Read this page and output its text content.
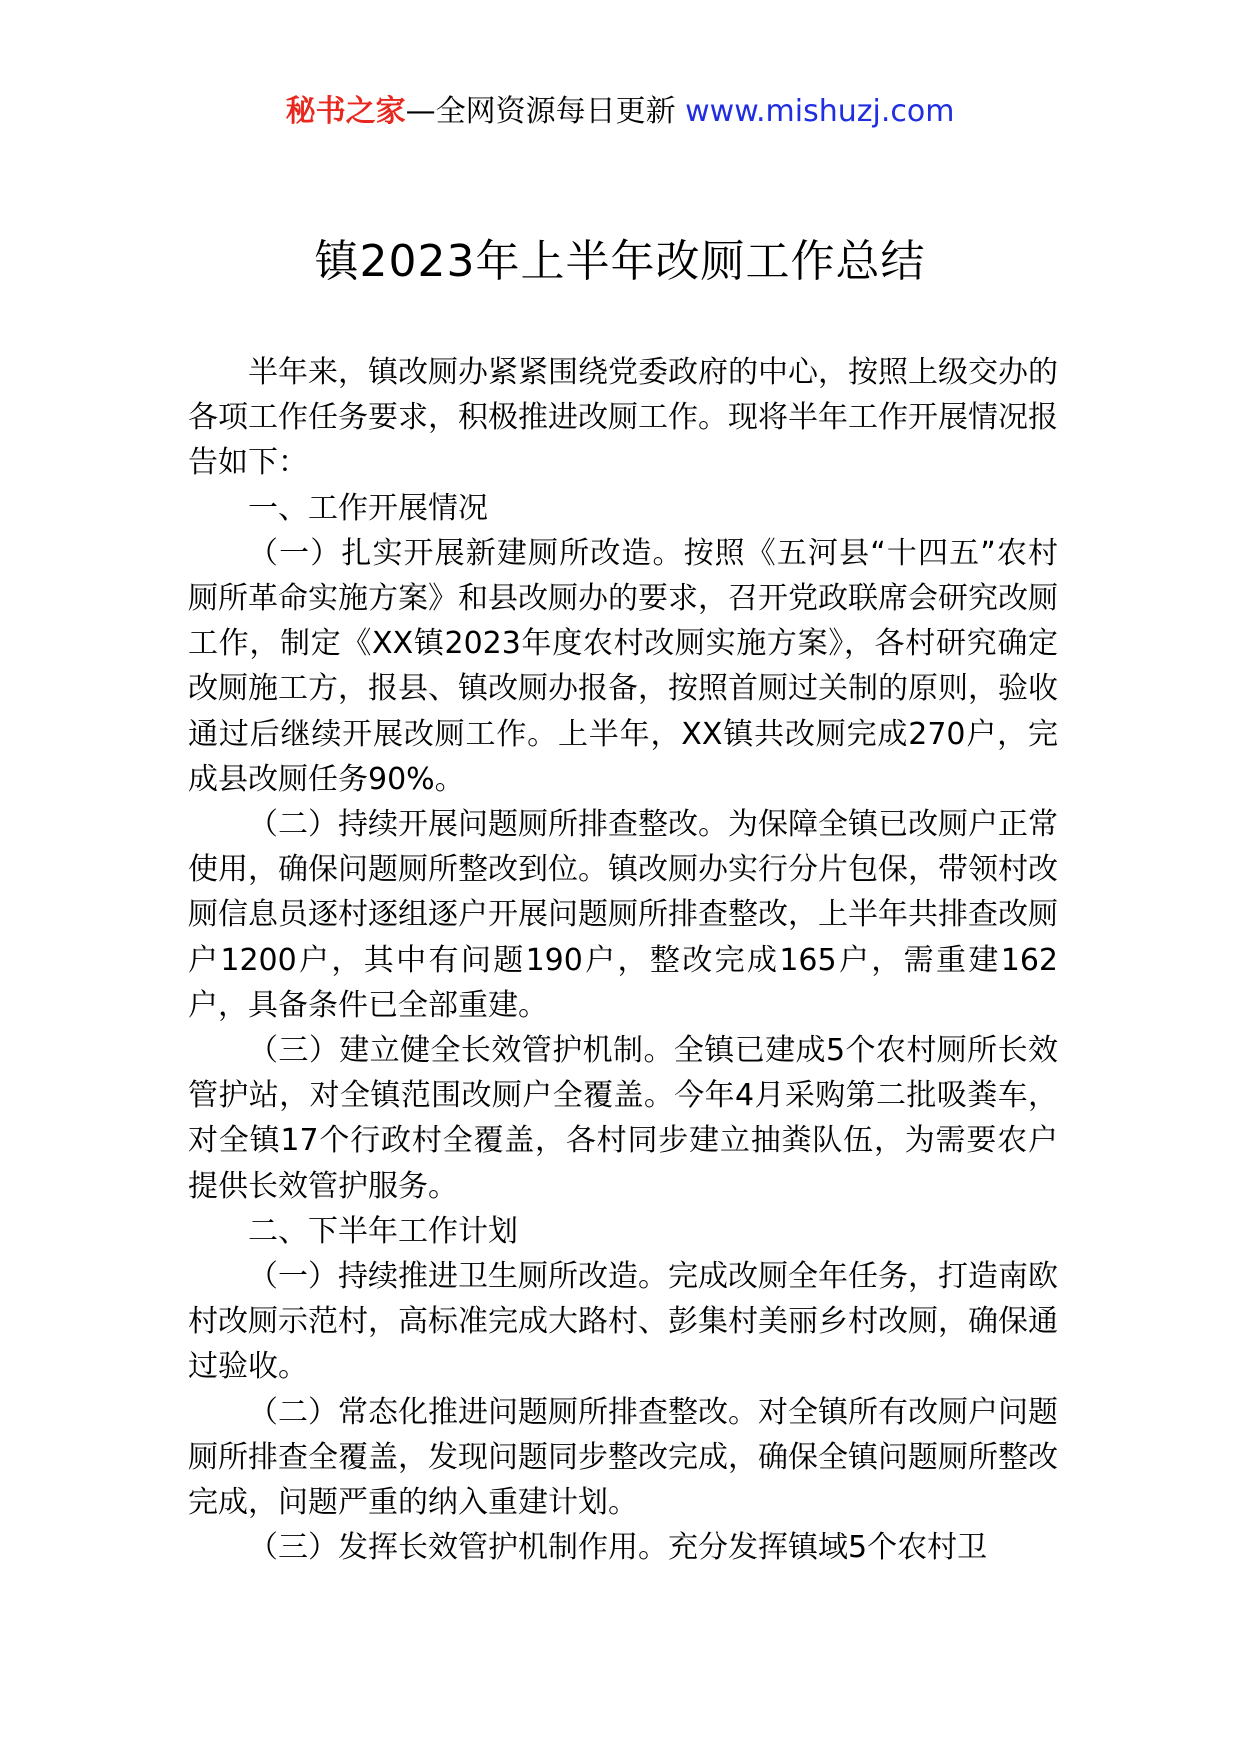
秘书之家—全网资源每日更新 www.mishuzj.com
镇2023年上半年改厕工作总结

半年来，镇改厕办紧紧围绕党委政府的中心，按照上级交办的各项工作任务要求，积极推进改厕工作。现将半年工作开展情况报告如下：

一、工作开展情况

（一）扎实开展新建厕所改造。按照《五河县“十四五”农村厕所革命实施方案》和县改厕办的要求，召开党政联席会研究改厕工作，制定《XX镇2023年度农村改厕实施方案》，各村研究确定改厕施工方，报县、镇改厕办报备，按照首厕过关制的原则，验收通过后继续开展改厕工作。上半年，XX镇共改厕完成270户，完成县改厕任务90%。

（二）持续开展问题厕所排查整改。为保障全镇已改厕户正常使用，确保问题厕所整改到位。镇改厕办实行分片包保，带领村改厕信息员逐村逐组逐户开展问题厕所排查整改，上半年共排查改厕户1200户，其中有问题190户，整改完成165户，需重建162户，具备条件已全部重建。

（三）建立健全长效管护机制。全镇已建成5个农村厕所长效管护站，对全镇范围改厕户全覆盖。今年4月采购第二批吸粪车，对全镇17个行政村全覆盖，各村同步建立抽粪队伍，为需要农户提供长效管护服务。

二、下半年工作计划

（一）持续推进卫生厕所改造。完成改厕全年任务，打造南欧村改厕示范村，高标准完成大路村、彭集村美丽乡村改厕，确保通过验收。

（二）常态化推进问题厕所排查整改。对全镇所有改厕户问题厕所排查全覆盖，发现问题同步整改完成，确保全镇问题厕所整改完成，问题严重的纳入重建计划。

（三）发挥长效管护机制作用。充分发挥镇域5个农村卫
